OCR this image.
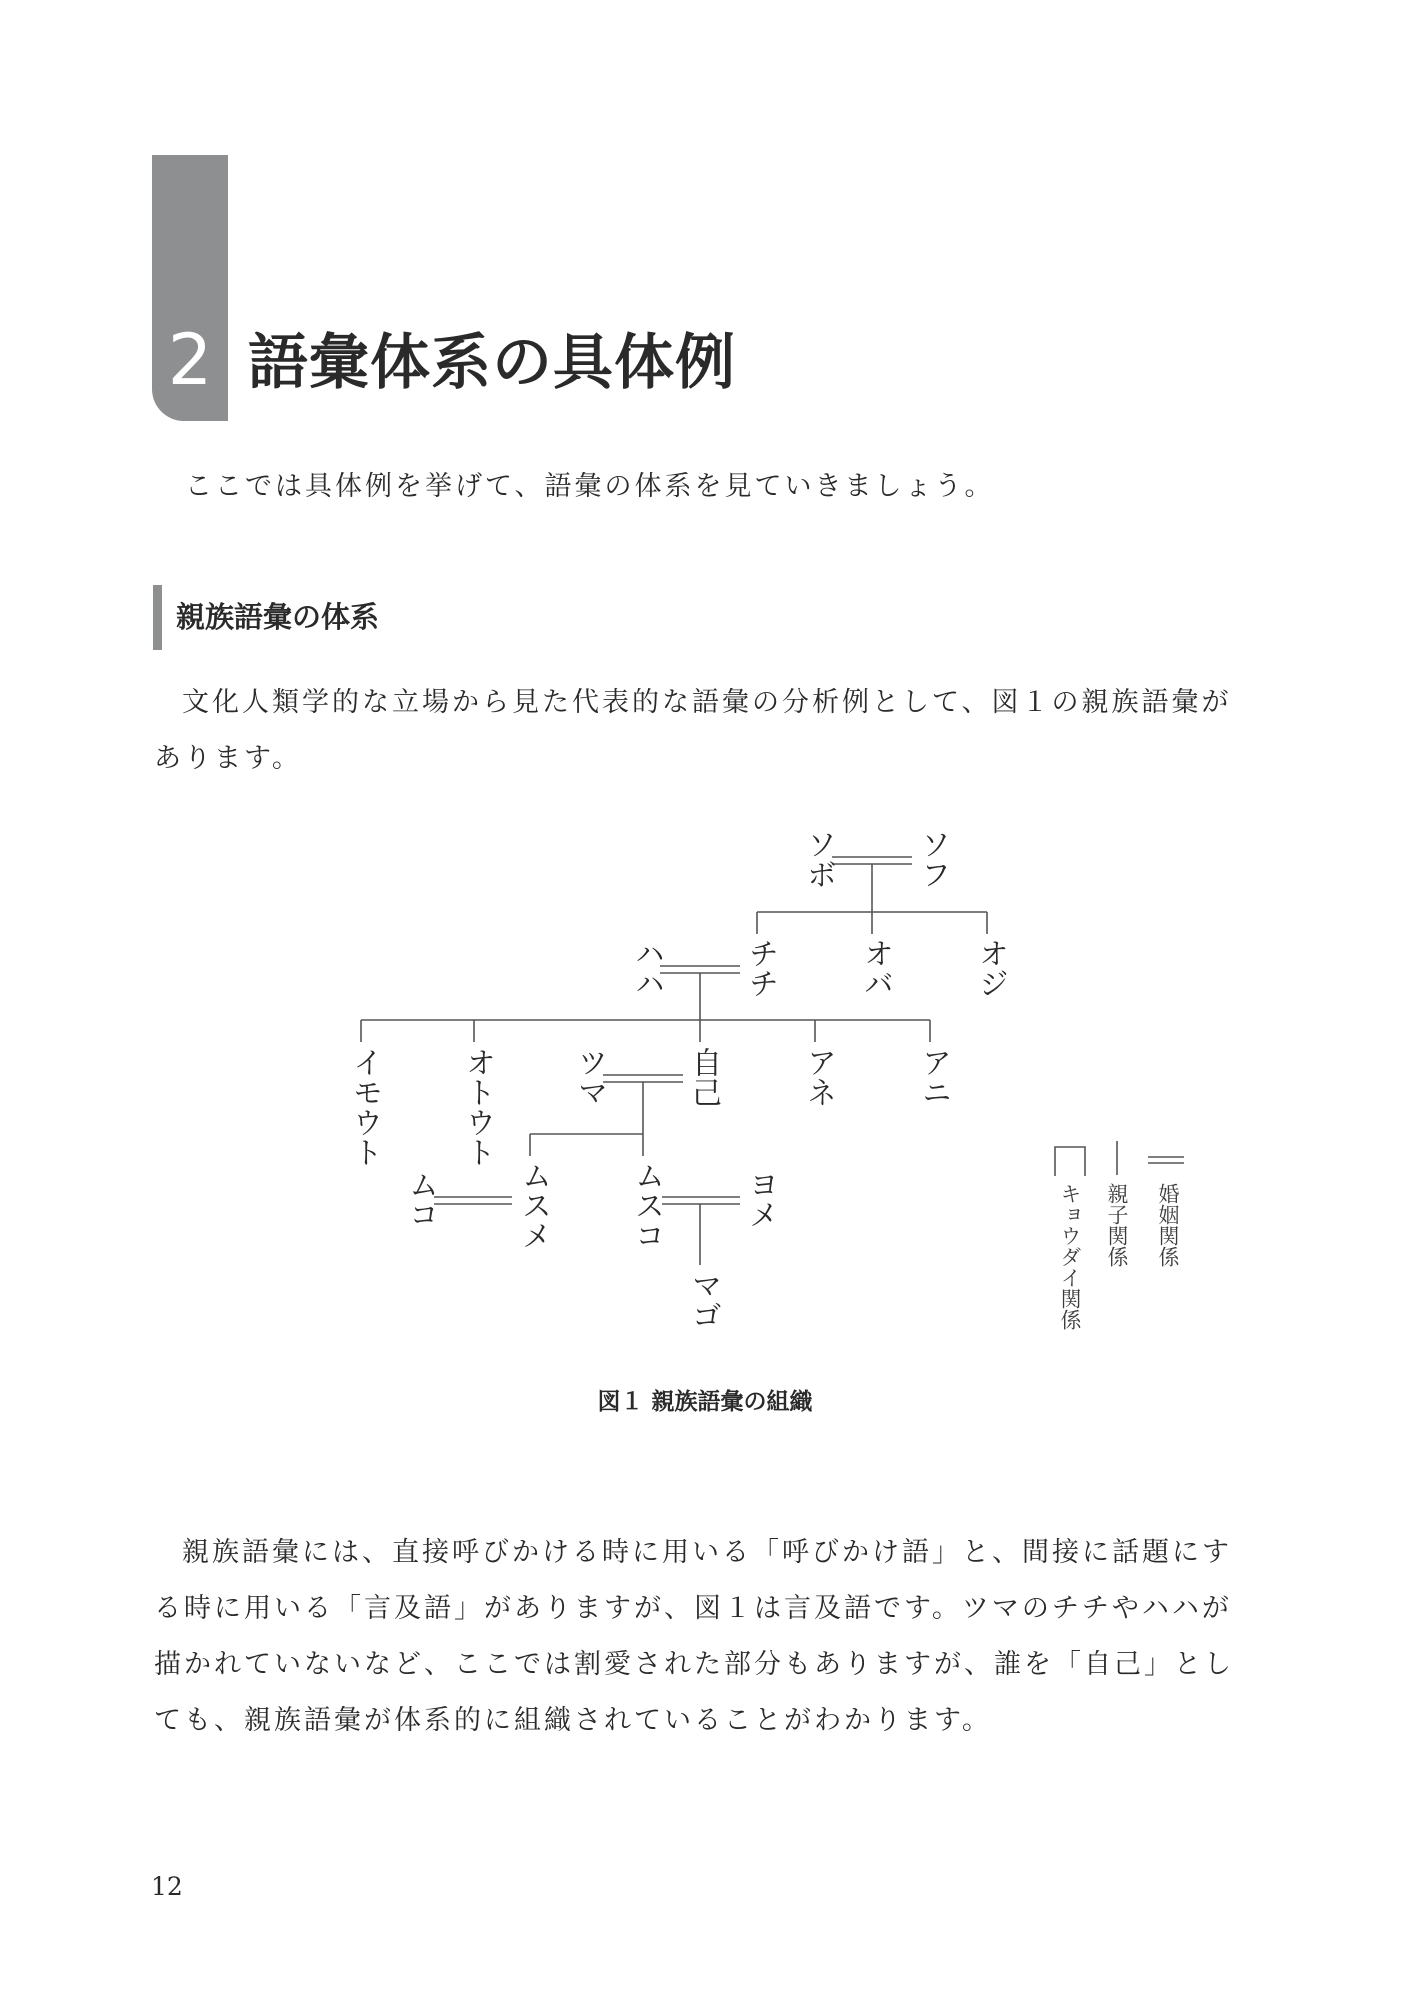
2 語彙体系の具体例
ここでは具体例を挙げて、語彙の体系を見ていきましょう。
親族語彙の体系

文化人類学的な立場から見た代表的な語彙の分析例として、図１の親族語彙が

あります。

ソボ	ソフ
ハハ	チチ	オバ	オジ
イモウト	オトウト	ツマ	自己	アネ	アニ
ムコ	ムスメ	ムスコ	ヨメ
マゴ
婚姻関係
親子関係
キョウダイ関係
図１ 親族語彙の組織

親族語彙には、直接呼びかける時に用いる「呼びかけ語」と、間接に話題にす

る時に用いる「言及語」がありますが、図１は言及語です。ツマのチチやハハが

描かれていないなど、ここでは割愛された部分もありますが、誰を「自己」とし

ても、親族語彙が体系的に組織されていることがわかります。

12
